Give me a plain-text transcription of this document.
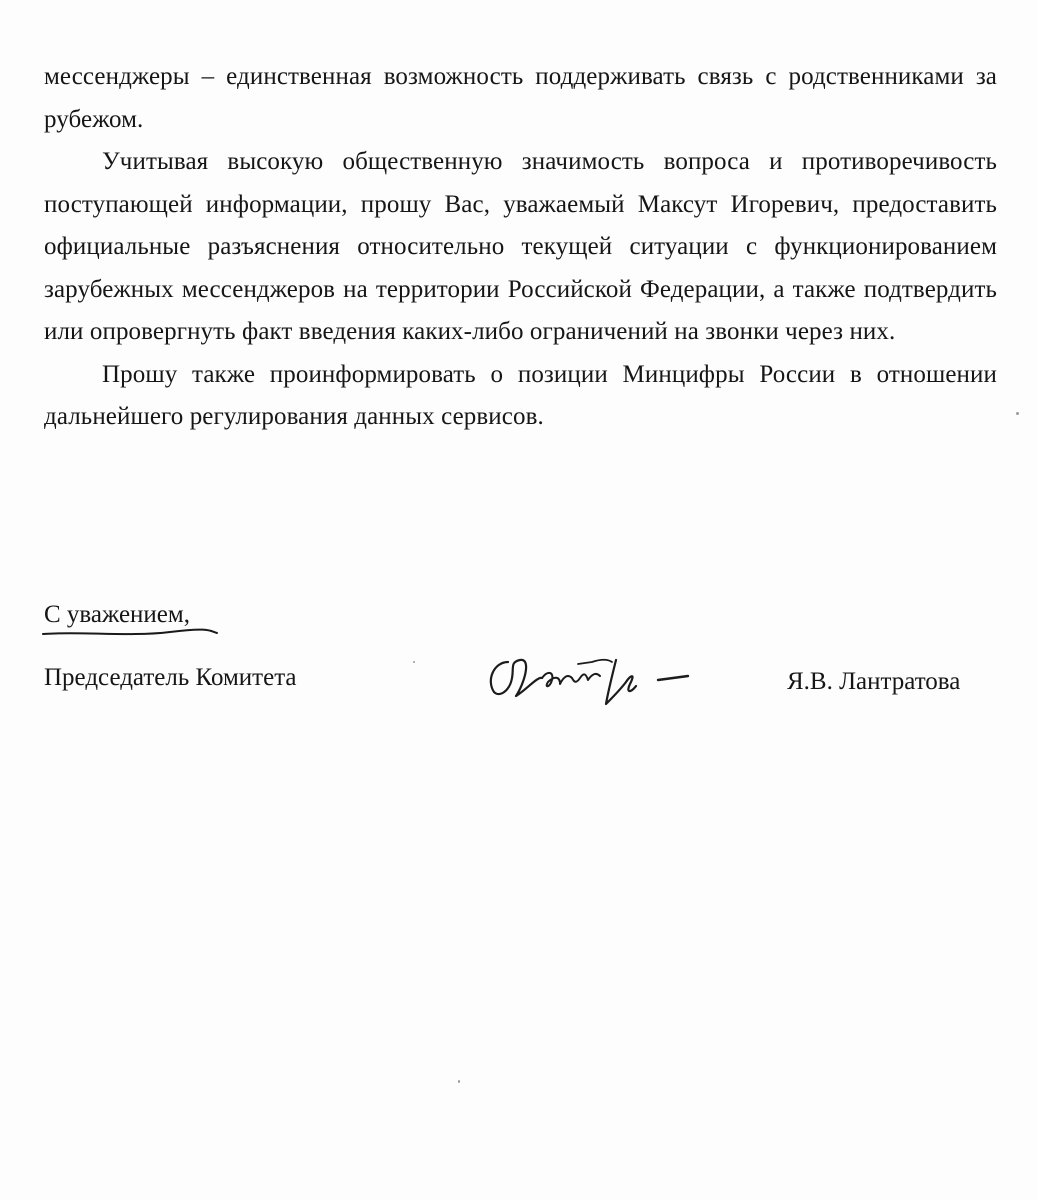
мессенджеры – единственная возможность поддерживать связь с родственниками за рубежом.

Учитывая высокую общественную значимость вопроса и противоречивость поступающей информации, прошу Вас, уважаемый Максут Игоревич, предоставить официальные разъяснения относительно текущей ситуации с функционированием зарубежных мессенджеров на территории Российской Федерации, а также подтвердить или опровергнуть факт введения каких-либо ограничений на звонки через них.

Прошу также проинформировать о позиции Минцифры России в отношении дальнейшего регулирования данных сервисов.

С уважением,
Председатель Комитета	Я.В. Лантратова
